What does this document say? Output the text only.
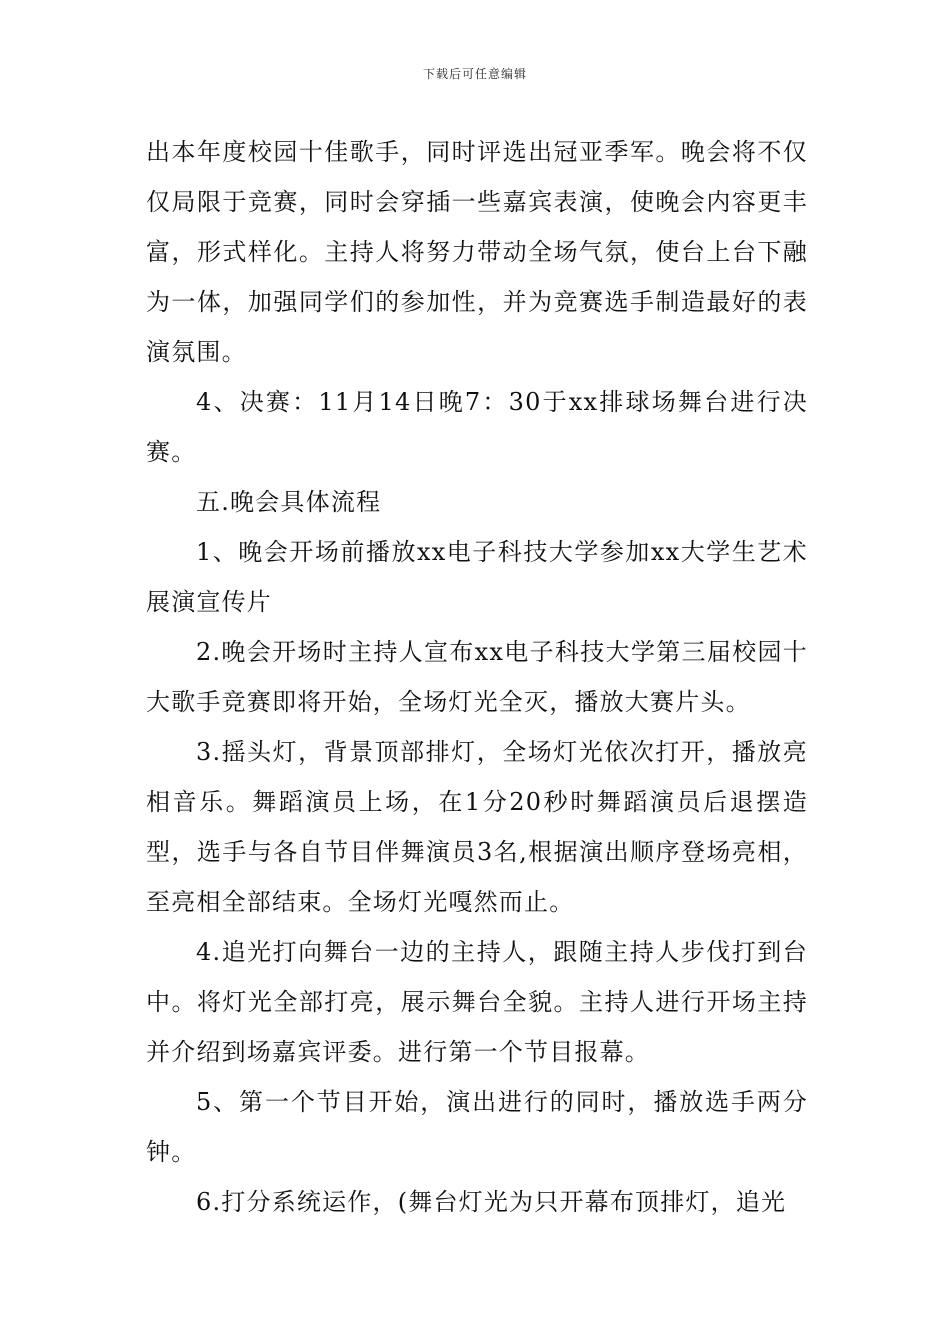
下载后可任意编辑

出本年度校园十佳歌手，同时评选出冠亚季军。晚会将不仅仅局限于竞赛，同时会穿插一些嘉宾表演，使晚会内容更丰富，形式样化。主持人将努力带动全场气氛，使台上台下融为一体，加强同学们的参加性，并为竞赛选手制造最好的表演氛围。

4、决赛：11月14日晚7：30于xx排球场舞台进行决赛。

五.晚会具体流程

1、晚会开场前播放xx电子科技大学参加xx大学生艺术展演宣传片

2.晚会开场时主持人宣布xx电子科技大学第三届校园十大歌手竞赛即将开始，全场灯光全灭，播放大赛片头。

3.摇头灯，背景顶部排灯，全场灯光依次打开，播放亮相音乐。舞蹈演员上场，在1分20秒时舞蹈演员后退摆造型，选手与各自节目伴舞演员3名,根据演出顺序登场亮相，至亮相全部结束。全场灯光嘎然而止。

4.追光打向舞台一边的主持人，跟随主持人步伐打到台中。将灯光全部打亮，展示舞台全貌。主持人进行开场主持并介绍到场嘉宾评委。进行第一个节目报幕。

5、第一个节目开始，演出进行的同时，播放选手两分钟。

6.打分系统运作，(舞台灯光为只开幕布顶排灯，追光
